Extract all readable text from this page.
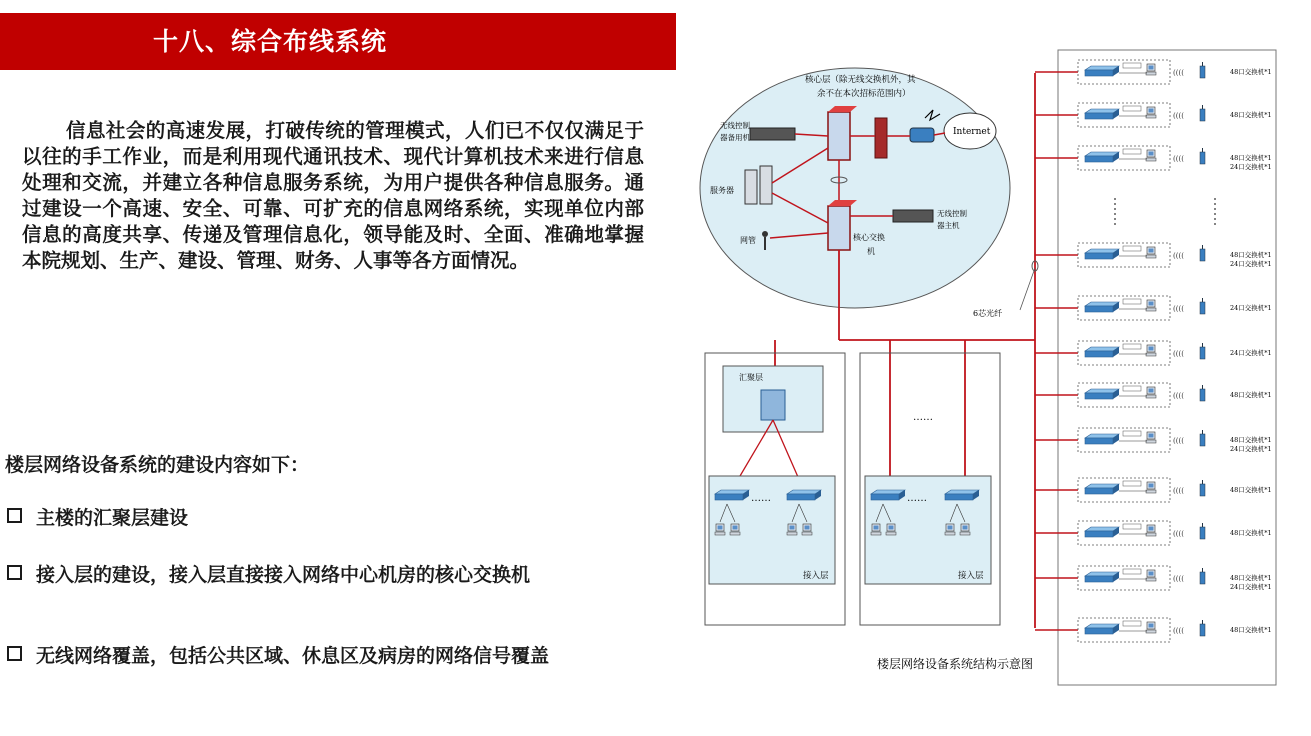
十八、综合布线系统
信息社会的高速发展，打破传统的管理模式，人们已不仅仅满足于以往的手工作业，而是利用现代通讯技术、现代计算机技术来进行信息处理和交流，并建立各种信息服务系统，为用户提供各种信息服务。通过建设一个高速、安全、可靠、可扩充的信息网络系统，实现单位内部信息的高度共享、传递及管理信息化，领导能及时、全面、准确地掌握本院规划、生产、建设、管理、财务、人事等各方面情况。
楼层网络设备系统的建设内容如下：
主楼的汇聚层建设
接入层的建设，接入层直接接入网络中心机房的核心交换机
无线网络覆盖，包括公共区域、休息区及病房的网络信号覆盖
核心层（除无线交换机外，其
余不在本次招标范围内）
Internet
无线控制
器备用机
服务器
核心交换
机
无线控制
器主机
网管
6芯光纤
汇聚层
……
……	……
接入层	接入层
((((	48口交换机*1
((((	48口交换机*1
((((	48口交换机*1
24口交换机*1
((((	48口交换机*1
24口交换机*1
((((	24口交换机*1
((((	24口交换机*1
((((	48口交换机*1
((((	48口交换机*1
24口交换机*1
((((	48口交换机*1
((((	48口交换机*1
((((	48口交换机*1
24口交换机*1
((((	48口交换机*1
楼层网络设备系统结构示意图
